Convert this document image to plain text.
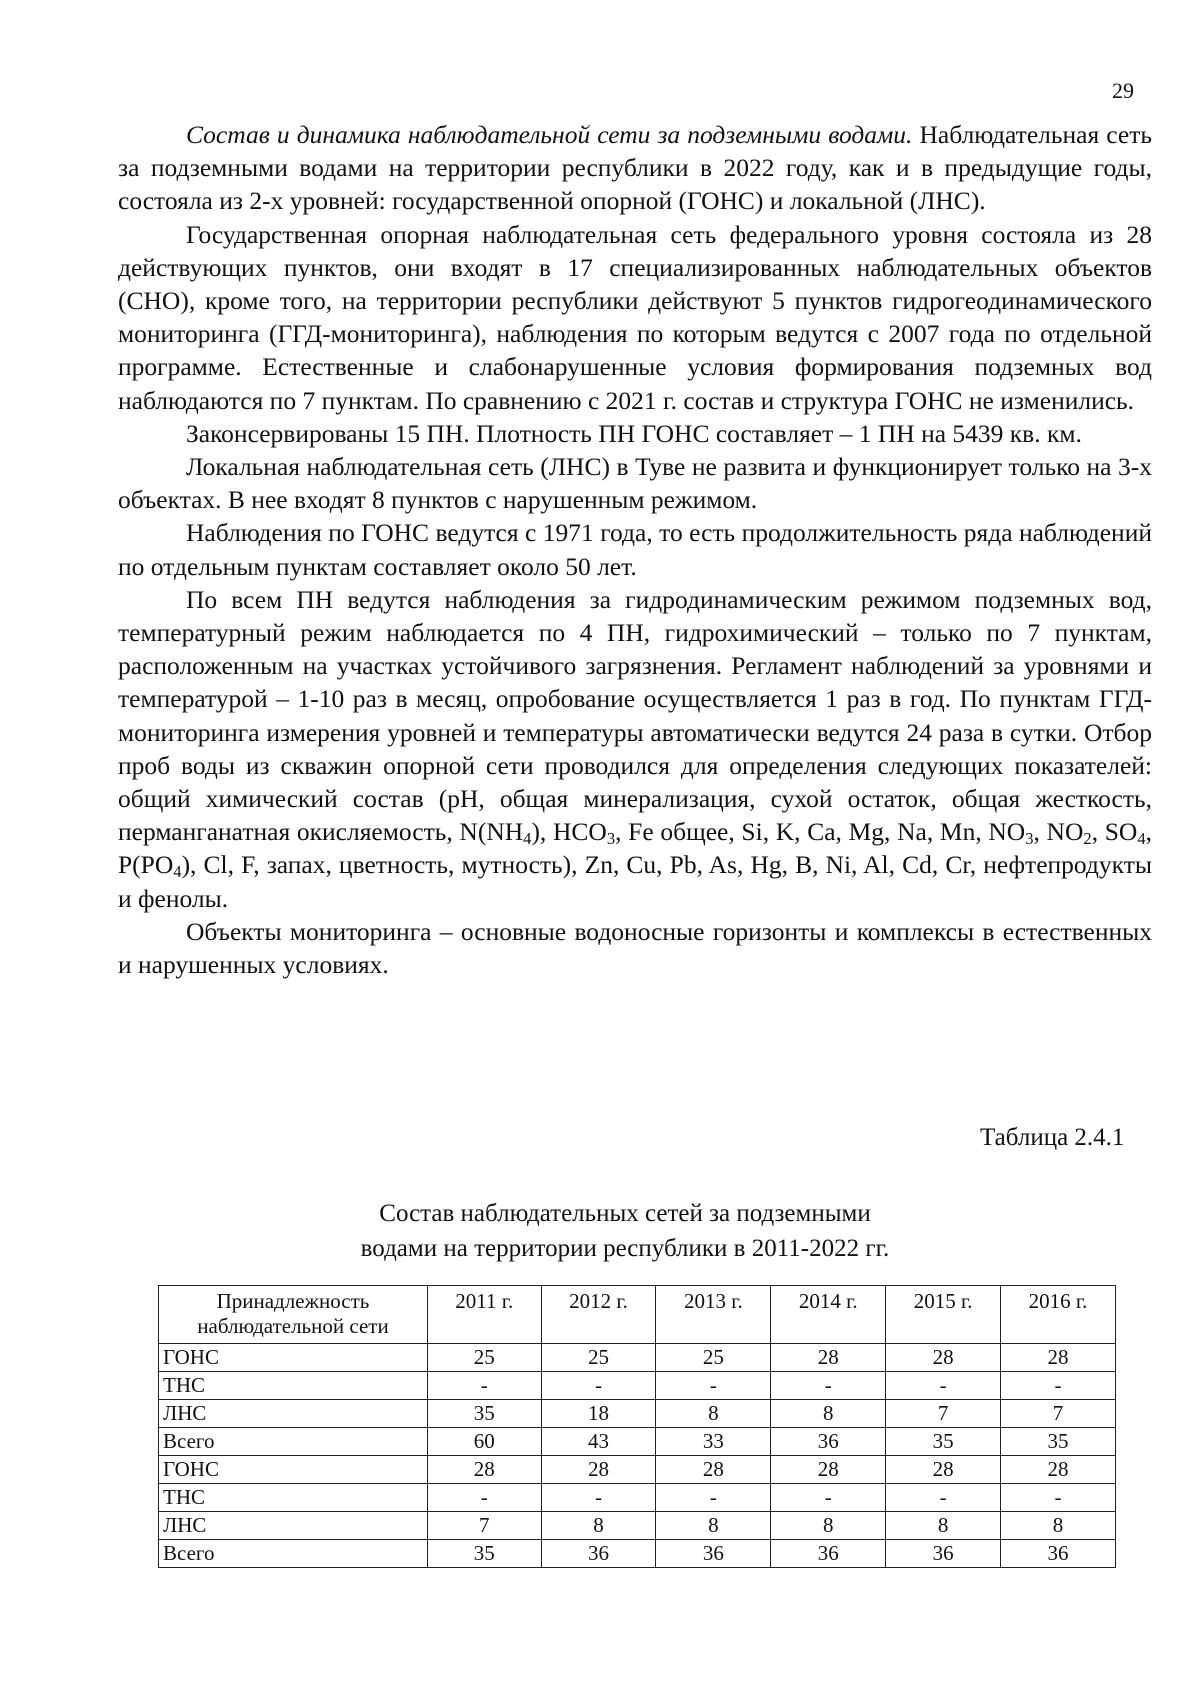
29

Состав и динамика наблюдательной сети за подземными водами. Наблюдательная сеть за подземными водами на территории республики в 2022 году, как и в предыдущие годы, состояла из 2-х уровней: государственной опорной (ГОНС) и локальной (ЛНС).

Государственная опорная наблюдательная сеть федерального уровня состояла из 28 действующих пунктов, они входят в 17 специализированных наблюдательных объектов (СНО), кроме того, на территории республики действуют 5 пунктов гидрогеодинамического мониторинга (ГГД-мониторинга), наблюдения по которым ведутся с 2007 года по отдельной программе. Естественные и слабонарушенные условия формирования подземных вод наблюдаются по 7 пунктам. По сравнению с 2021 г. состав и структура ГОНС не изменились.

Законсервированы 15 ПН. Плотность ПН ГОНС составляет – 1 ПН на 5439 кв. км.

Локальная наблюдательная сеть (ЛНС) в Туве не развита и функционирует только на 3-х объектах. В нее входят 8 пунктов с нарушенным режимом.

Наблюдения по ГОНС ведутся с 1971 года, то есть продолжительность ряда наблюдений по отдельным пунктам составляет около 50 лет.

По всем ПН ведутся наблюдения за гидродинамическим режимом подземных вод, температурный режим наблюдается по 4 ПН, гидрохимический – только по 7 пунктам, расположенным на участках устойчивого загрязнения. Регламент наблюдений за уровнями и температурой – 1-10 раз в месяц, опробование осуществляется 1 раз в год. По пунктам ГГД-мониторинга измерения уровней и температуры автоматически ведутся 24 раза в сутки. Отбор проб воды из скважин опорной сети проводился для определения следующих показателей: общий химический состав (pH, общая минерализация, сухой остаток, общая жесткость, перманганатная окисляемость, $N(NH_4)$, $HCO_3$, Fe общее, Si, K, Ca, Mg, Na, Mn, $NO_3$, $NO_2$, $SO_4$, $P(PO_4)$, Cl, F, запах, цветность, мутность), Zn, Cu, Pb, As, Hg, B, Ni, Al, Cd, Cr, нефтепродукты и фенолы.

Объекты мониторинга – основные водоносные горизонты и комплексы в естественных и нарушенных условиях.

Таблица 2.4.1
Состав наблюдательных сетей за подземными
водами на территории республики в 2011-2022 гг.
Принадлежность
наблюдательной сети	2011 г.	2012 г.	2013 г.	2014 г.	2015 г.	2016 г.
ГОНС	25	25	25	28	28	28
ТНС	-	-	-	-	-	-
ЛНС	35	18	8	8	7	7
Всего	60	43	33	36	35	35
ГОНС	28	28	28	28	28	28
ТНС	-	-	-	-	-	-
ЛНС	7	8	8	8	8	8
Всего	35	36	36	36	36	36
